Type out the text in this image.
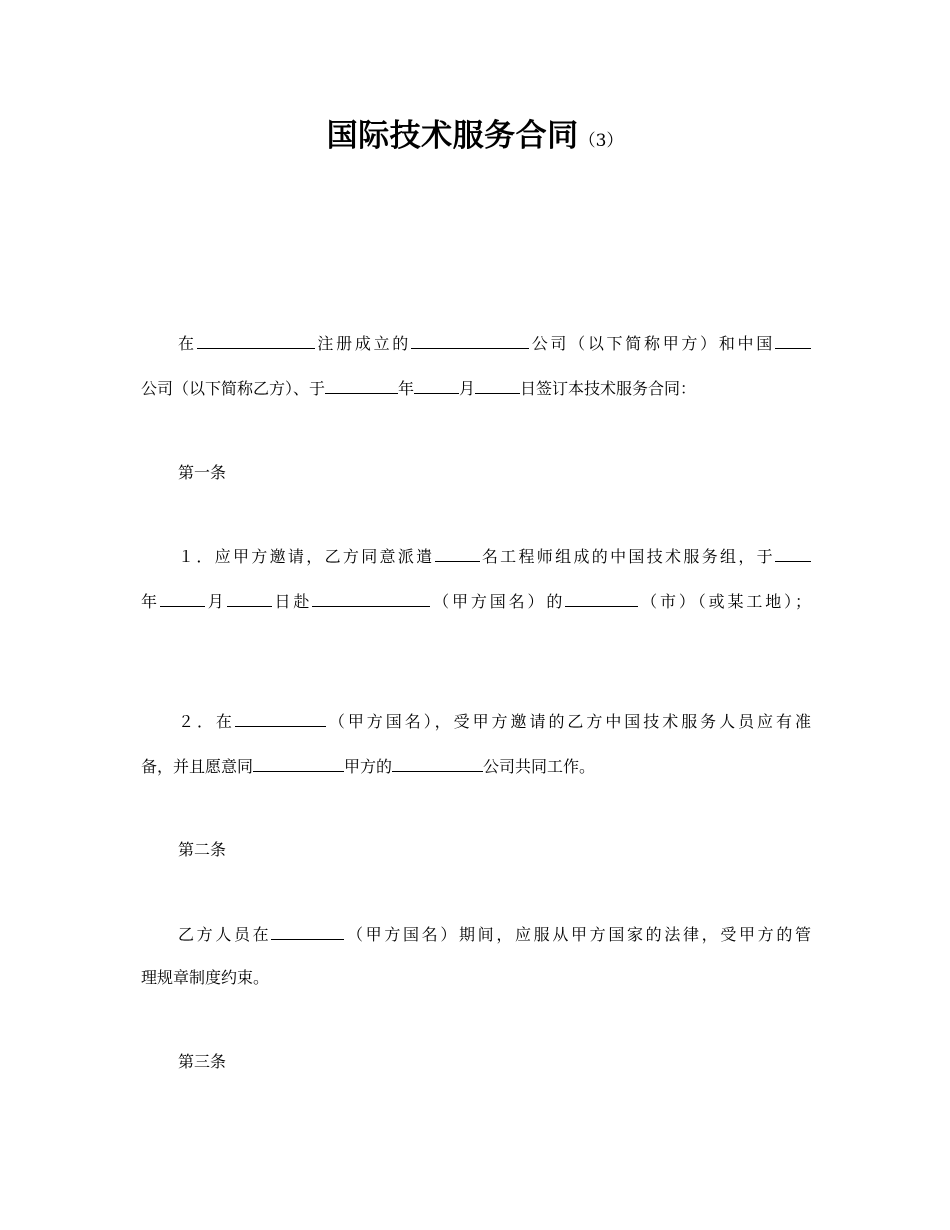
国际技术服务合同（3）
在	注册成立的	公司（以下简称甲方）和中国
公司（以下简称乙方）、于	年	月	日签订本技术服务合同：
第一条
１．应甲方邀请，乙方同意派遣	名工程师组成的中国技术服务组，于
年	月	日赴	（甲方国名）的	（市）（或某工地）；
２．在	（甲方国名），受甲方邀请的乙方中国技术服务人员应有准
备，并且愿意同	甲方的	公司共同工作。
第二条
乙方人员在	（甲方国名）期间，应服从甲方国家的法律，受甲方的管
理规章制度约束。
第三条
